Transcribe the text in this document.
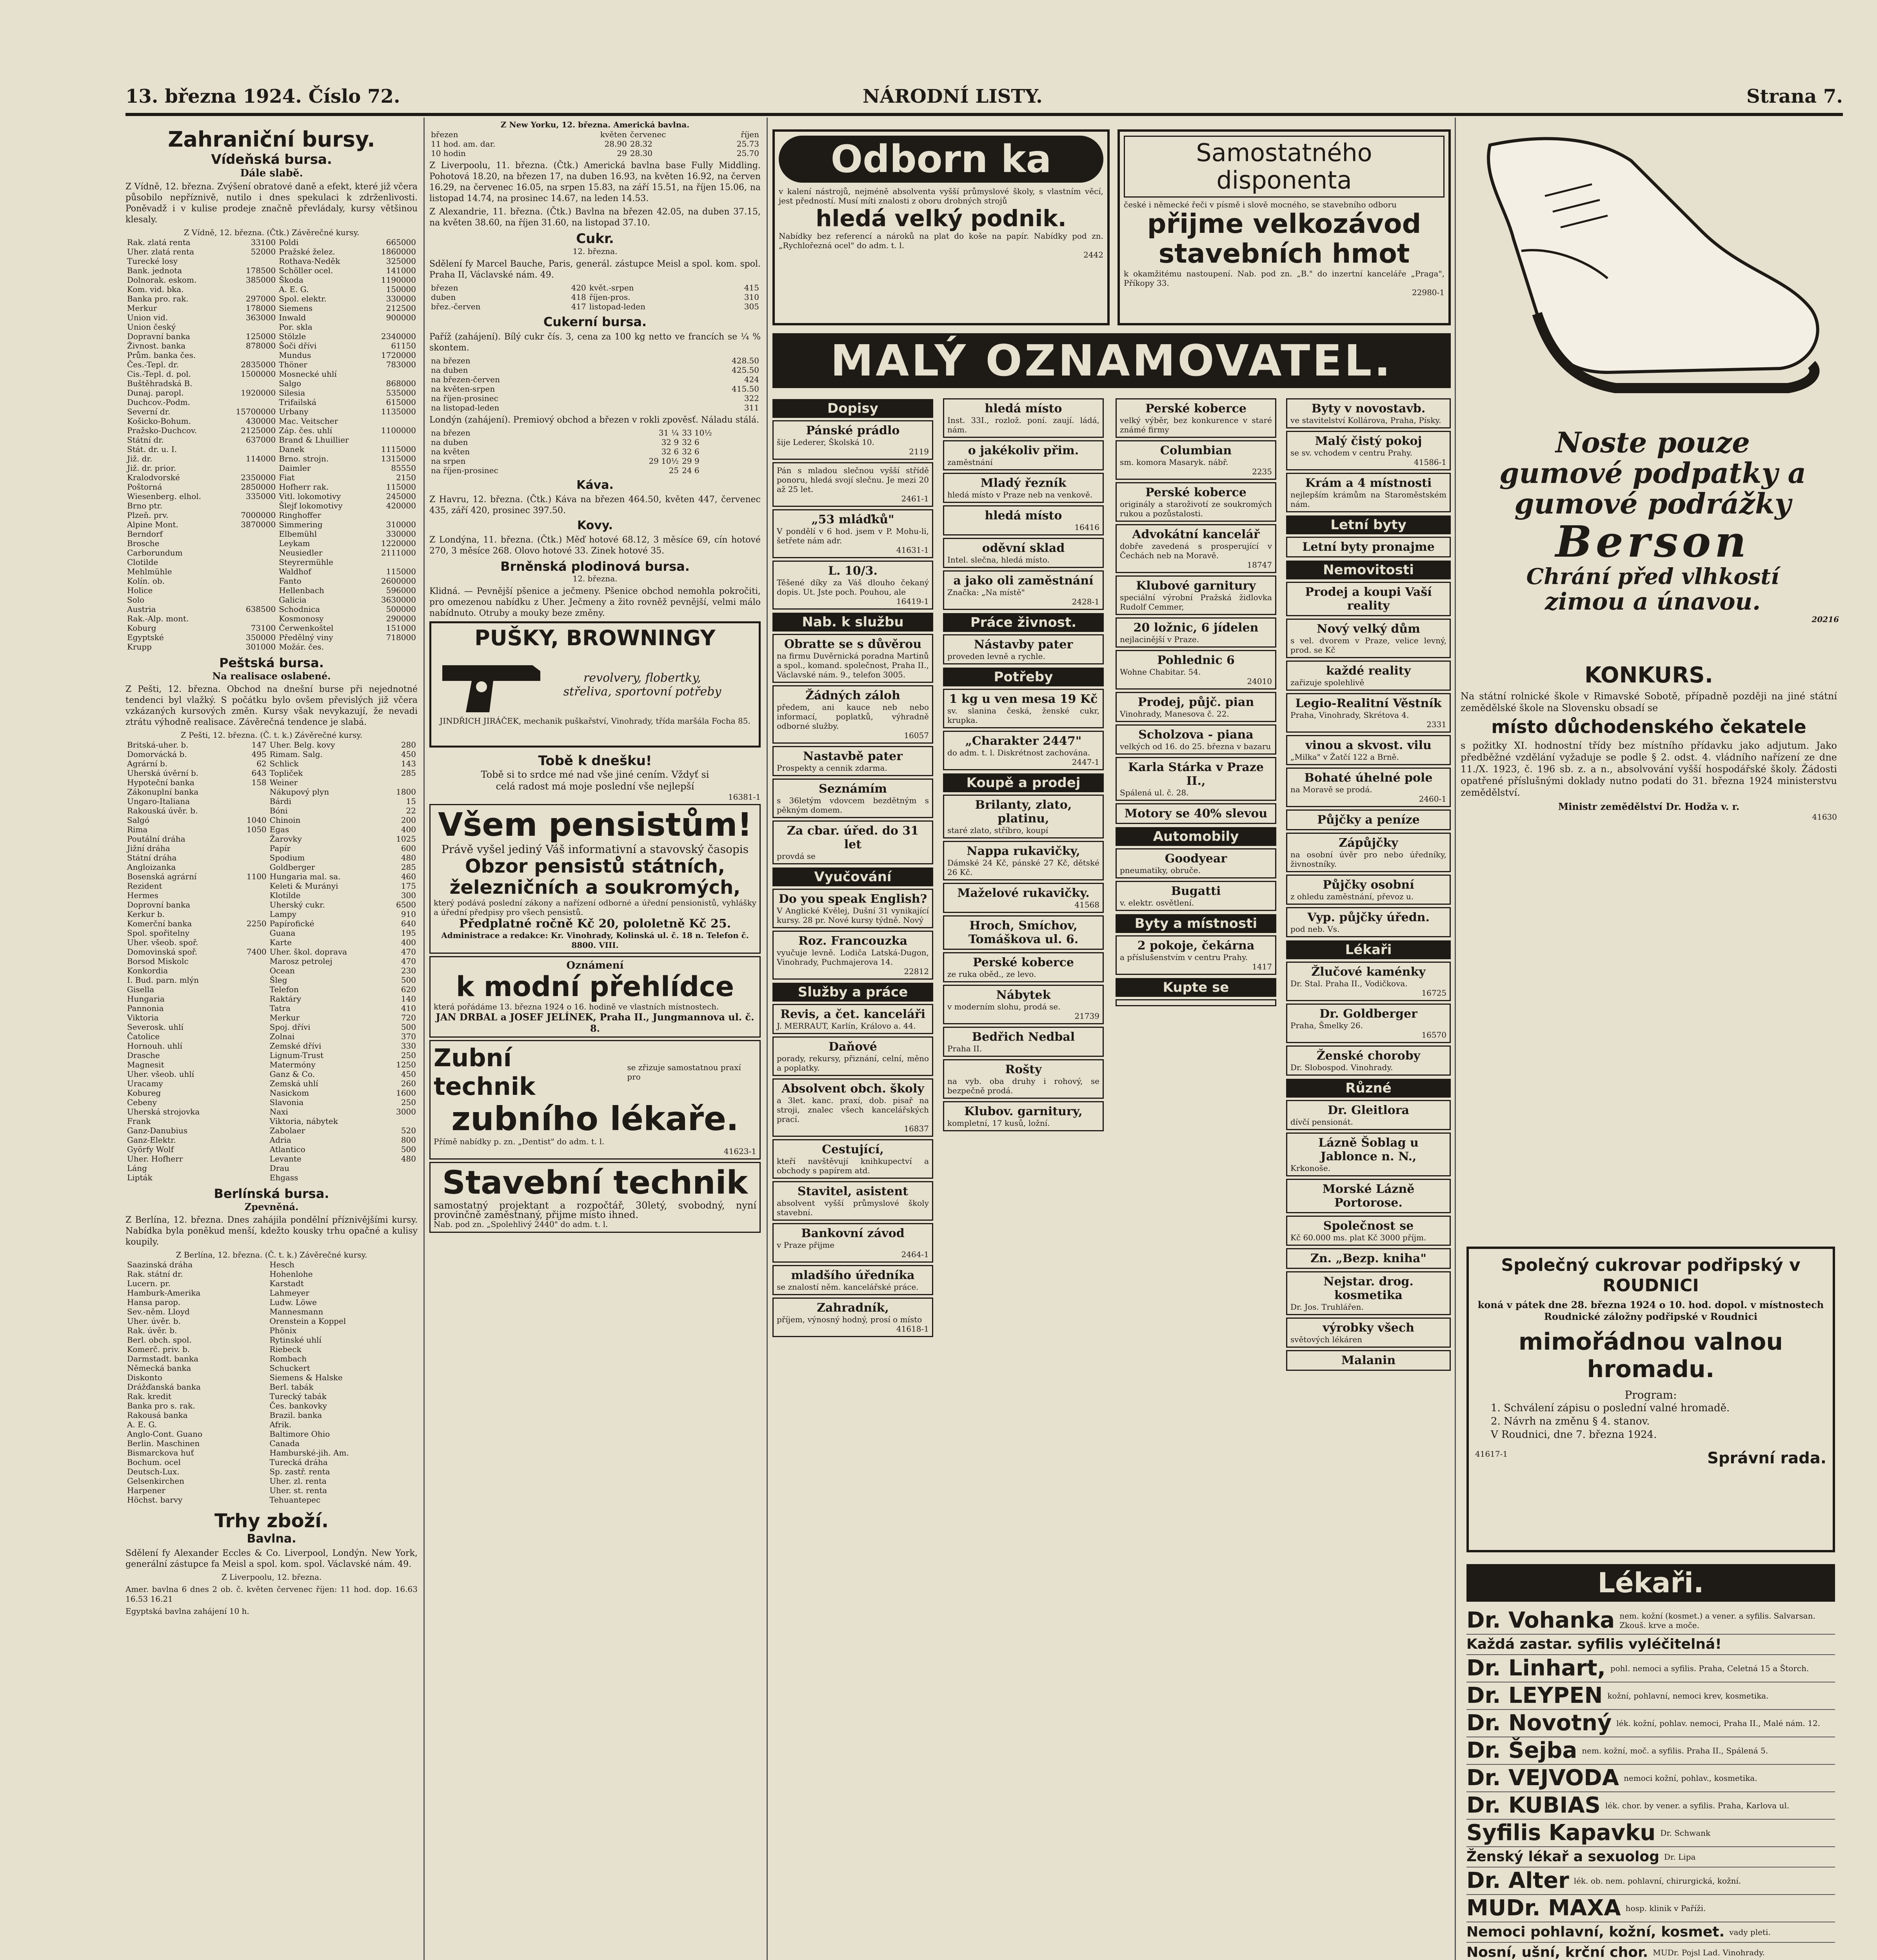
13. března 1924. Číslo 72.	NÁRODNÍ LISTY.	Strana 7.
Zahraniční bursy.
Vídeňská bursa.
Dále slabě.
Z Vídně, 12. března. Zvýšení obratové daně a efekt, které již včera působilo nepříznivě, nutilo i dnes spekulaci k zdrženlivosti. Poněvadž i v kulise prodeje značně převládaly, kursy většinou klesaly.
Z Vídně, 12. března. (Čtk.) Závěrečné kursy.
Rak. zlatá renta	33100	Poldi	665000
Uher. zlatá renta	52000	Pražské želez.	1860000
Turecké losy		Rothava-Neděk	325000
Bank. jednota	178500	Schöller ocel.	141000
Dolnorak. eskom.	385000	Škoda	1190000
Kom. vid. bka.		A. E. G.	150000
Banka pro. rak.	297000	Spol. elektr.	330000
Merkur	178000	Siemens	212500
Union vid.	363000	Inwald	900000
Union český		Por. skla	
Dopravní banka	125000	Stölzle	2340000
Živnost. banka	878000	Šoči dřívi	61150
Prům. banka čes.		Mundus	1720000
Čes.-Tepl. dr.	2835000	Thöner	783000
Cis.-Tepl. d. pol.	1500000	Mosnecké uhlí	
Buštěhradská B.		Salgo	868000
Dunaj. paropl.	1920000	Silesia	535000
Duchcov.-Podm.		Trifailská	615000
Severní dr.	15700000	Urbany	1135000
Košicko-Bohum.	430000	Mac. Veitscher	
Pražsko-Duchcov.	2125000	Záp. čes. uhlí	1100000
Státní dr.	637000	Brand & Lhuillier	
Stát. dr. u. I.		Danek	1115000
Již. dr.	114000	Brno. strojn.	1315000
Již. dr. prior.		Daimler	85550
Kralodvorské	2350000	Fiat	2150
Poštorná	2850000	Hofherr rak.	115000
Wiesenberg. elhol.	335000	Vitl. lokomotivy	245000
Brno ptr.		Šlejf lokomotivy	420000
Plzeň. prv.	7000000	Ringhoffer	
Alpine Mont.	3870000	Simmering	310000
Berndorf		Elbemühl	330000
Brosche		Leykam	1220000
Carborundum		Neusiedler	2111000
Clotilde		Steyrermühle	
Mehlmühle		Waldhof	115000
Kolín. ob.		Fanto	2600000
Holice		Hellenbach	596000
Solo		Galicia	3630000
Austria	638500	Schodnica	500000
Rak.-Alp. mont.		Kosmonosy	290000
Koburg	73100	Čerwenkoštel	151000
Egyptské	350000	Předělný viny	718000
Krupp	301000	Možár. čes.	
Peštská bursa.
Na realisace oslabené.
Z Pešti, 12. března. Obchod na dnešní burse při nejednotné tendenci byl vlažký. S počátku bylo ovšem převislých již včera vzkázaných kursových změn. Kursy však nevykazují, že nevadi ztrátu výhodně realisace. Závěrečná tendence je slabá.
Z Pešti, 12. března. (Č. t. k.) Závěrečné kursy.
Britská-uher. b.	147	Uher. Belg. kovy	280
Domorvácká b.	495	Rimam. Salg.	450
Agrární b.	62	Schlick	143
Uherská úvěrní b.	643	Topliček	285
Hypoteční banka	158	Weiner	
Zákonuplní banka		Nákupový plyn	1800
Ungaro-Italiana		Bárdi	15
Rakouská úvěr. b.		Bóni	22
Salgó	1040	Chinoin	200
Rima	1050	Egas	400
Poutální dráha		Žarovky	1025
Jižní dráha		Papír	600
Státní dráha		Spodium	480
Angloizanka		Goldberger	285
Bosenská agrární	1100	Hungaria mal. sa.	460
Rezident		Keleti & Murányi	175
Hermes		Klotilde	300
Doprovní banka		Uherský cukr.	6500
Kerkur b.		Lampy	910
Komerční banka	2250	Papírofické	640
Spol. spořitelny		Guana	195
Uher. všeob. spoř.		Karte	400
Domovinská spoř.	7400	Uher. škol. doprava	470
Borsod Miskolc		Marosz petrolej	470
Konkordia		Ocean	230
I. Bud. parn. mlýn		Šleg	500
Gisella		Telefon	620
Hungaria		Raktáry	140
Pannonia		Tatra	410
Viktoria		Merkur	720
Severosk. uhlí		Spoj. dřívi	500
Čatolice		Zolnai	370
Hornouh. uhlí		Zemské dřívi	330
Drasche		Lignum-Trust	250
Magnesit		Matermóny	1250
Uher. všeob. uhlí		Ganz & Co.	450
Uracamy		Zemská uhlí	260
Kobureg		Nasickom	1600
Cebeny		Slavonia	250
Uherská strojovka		Naxi	3000
Frank		Viktoria, nábytek	
Ganz-Danubius		Zabolaer	520
Ganz-Elektr.		Adria	800
Györfy Wolf		Atlantico	500
Uher. Hofherr		Levante	480
Láng		Drau	
Lipták		Ehgass	
Berlínská bursa.
Zpevněná.
Z Berlína, 12. března. Dnes zahájila pondělní příznivějšími kursy. Nabídka byla poněkud menší, kdežto kousky trhu opačné a kulisy koupily.
Z Berlína, 12. března. (Č. t. k.) Závěrečné kursy.
Saazinská dráha		Hesch	
Rak. státní dr.		Hohenlohe	
Lucern. pr.		Karstadt	
Hamburk-Amerika		Lahmeyer	
Hansa parop.		Ludw. Löwe	
Sev.-něm. Lloyd		Mannesmann	
Uher. úvěr. b.		Orenstein a Koppel	
Rak. úvěr. b.		Phönix	
Berl. obch. spol.		Rytinské uhlí	
Komerč. priv. b.		Riebeck	
Darmstadt. banka		Rombach	
Německá banka		Schuckert	
Diskonto		Siemens & Halske	
Drážďanská banka		Berl. tabák	
Rak. kredit		Turecký tabák	
Banka pro s. rak.		Čes. bankovky	
Rakousá banka		Brazil. banka	
A. E. G.		Afrik.	
Anglo-Cont. Guano		Baltimore Ohio	
Berlin. Maschinen		Canada	
Bismarckova huť		Hamburské-jih. Am.	
Bochum. ocel		Turecká dráha	
Deutsch-Lux.		Sp. zastř. renta	
Gelsenkirchen		Uher. zl. renta	
Harpener		Uher. st. renta	
Höchst. barvy		Tehuantepec	
Trhy zboží.
Bavlna.
Sdělení fy Alexander Eccles & Co. Liverpool, Londýn. New York, generální zástupce fa Meisl a spol. kom. spol. Václavské nám. 49.
Z Liverpoolu, 12. března.
Amer. bavlna 6 dnes 2 ob. č. květen červenec říjen: 11 hod. dop. 16.63 16.53 16.21
Egyptská bavlna zahájení 10 h.
Z New Yorku, 12. března. Americká bavlna.
březen	květen	červenec	říjen
11 hod. am. dar.	28.90	28.32	25.73
10 hodin	29	28.30	25.70
Z Liverpoolu, 11. března. (Čtk.) Americká bavlna base Fully Middling. Pohotová 18.20, na březen 17, na duben 16.93, na květen 16.92, na červen 16.29, na červenec 16.05, na srpen 15.83, na září 15.51, na říjen 15.06, na listopad 14.74, na prosinec 14.67, na leden 14.53.
Z Alexandrie, 11. března. (Čtk.) Bavlna na březen 42.05, na duben 37.15, na květen 38.60, na říjen 31.60, na listopad 37.10.
Cukr.
12. března.
Sdělení fy Marcel Bauche, Paris, generál. zástupce Meisl a spol. kom. spol. Praha II, Václavské nám. 49.
březen	420	květ.-srpen	415
duben	418	říjen-pros.	310
břez.-červen	417	listopad-leden	305
Cukerní bursa.
Paříž (zahájení). Bílý cukr čís. 3, cena za 100 kg netto ve francích se ¼ % skontem.
na březen	428.50
na duben	425.50
na březen-červen	424
na květen-srpen	415.50
na říjen-prosinec	322
na listopad-leden	311
Londýn (zahájení). Premiový obchod a březen v rokli zpověsť. Náladu stálá.
na březen	31 ¼	33 10½
na duben	32 9	32 6
na květen	32 6	32 6
na srpen	29 10½	29 9
na říjen-prosinec	25	24 6
Káva.
Z Havru, 12. března. (Čtk.) Káva na březen 464.50, květen 447, červenec 435, září 420, prosinec 397.50.
Kovy.
Z Londýna, 11. března. (Čtk.) Měď hotové 68.12, 3 měsíce 69, cín hotové 270, 3 měsíce 268. Olovo hotové 33. Zinek hotové 35.
Brněnská plodinová bursa.
12. března.
Klidná. — Pevnější pšenice a ječmeny. Pšenice obchod nemohla pokročiti, pro omezenou nabídku z Uher. Ječmeny a žito rovněž pevnější, velmi málo nabídnuto. Otruby a mouky beze změny.
PUŠKY, BROWNINGY
revolvery, flobertky, střeliva, sportovní potřeby
JINDŘICH JIRÁČEK, mechanik puškařství, Vinohrady, třída maršála Focha 85.
Tobě k dnešku!
Tobě si to srdce mé nad vše jiné cením. Vždyť si celá radost má moje poslední vše nejlepší
16381-1
Všem pensistům!
Právě vyšel jediný Váš informativní a stavovský časopis
Obzor pensistů státních, železničních a soukromých,
který podává poslední zákony a nařízení odborné a úřední pensionistů, vyhlášky a úřední předpisy pro všech pensistů.
Předplatné ročně Kč 20, pololetně Kč 25.
Administrace a redakce: Kr. Vinohrady, Kolinská ul. č. 18 n. Telefon č. 8800. VIII.
Oznámení
k modní přehlídce
která pořádáme 13. března 1924 o 16. hodině ve vlastních místnostech.
JAN DRBAL a JOSEF JELÍNEK, Praha II., Jungmannova ul. č. 8.
Zubní technik
se zřizuje samostatnou praxí pro
zubního lékaře.
Přímě nabídky p. zn. „Dentist" do adm. t. l.
41623-1
Stavební technik
samostatný projektant a rozpočtář, 30letý, svobodný, nyní provinčně zaměstnaný, přijme místo ihned.
Nab. pod zn. „Spolehlivý 2440" do adm. t. l.
Odborn ka
v kalení nástrojů, nejméně absolventa vyšší průmyslové školy, s vlastním věcí, jest předností. Musí míti znalosti z oboru drobných strojů
hledá velký podnik.
Nabídky bez referencí a nároků na plat do koše na papír. Nabídky pod zn. „Rychlořezná ocel" do adm. t. l.
2442
Samostatného disponenta
české i německé řeči v písmě i slově mocného, se stavebního odboru
přijme velkozávod stavebních hmot
k okamžitému nastoupení. Nab. pod zn. „B." do inzertní kanceláře „Praga", Příkopy 33.
22980-1
MALÝ OZNAMOVATEL.
Dopisy
Pánské prádlo
šije Lederer, Školská 10.
2119
Pán s mladou slečnou vyšší střídě ponoru, hledá svojí slečnu. Je mezi 20 až 25 let.
2461-1
„53 mláďků"
V pondělí v 6 hod. jsem v P. Mohu-li, šetřete nám adr.
41631-1
L. 10/3.
Těšené díky za Váš dlouho čekaný dopis. Ut. Jste poch. Pouhou, ale
16419-1
Nab. k službu
Obratte se s důvěrou
na firmu Duvěrnická poradna Martinů a spol., komand. společnost, Praha II., Václavské nám. 9., telefon 3005.
Žádných záloh
předem, ani kauce neb nebo informací, poplatků, výhradně odborné služby.
16057
Nastavbě pater
Prospekty a cennik zdarma.
Seznámím
s 36letým vdovcem bezdětným s pěkným domem.
Za cbar. úřed. do 31 let
provdá se
Vyučování
Do you speak English?
V Anglické Kvělej, Dušní 31 vynikající kursy. 28 pr. Nové kursy týdně. Nový
Roz. Francouzka
vyučuje levně. Lodiča Latská-Dugon, Vinohrady, Puchmajerova 14.
22812
Služby a práce
Revis, a čet. kanceláři
J. MERRAUT, Karlín, Královo a. 44.
Daňové
porady, rekursy, přiznání, celní, měno a poplatky.
Absolvent obch. školy
a 3let. kanc. praxí, dob. pisař na stroji, znalec všech kancelářských prací.
16837
Cestující,
kteří navštěvují knihkupectví a obchody s papírem atd.
Stavitel, asistent
absolvent vyšší průmyslové školy stavební.
Bankovní závod
v Praze přijme
2464-1
mladšího úředníka
se znalostí něm. kancelářské práce.
Zahradník,
příjem, výnosný hodný, prosí o místo
41618-1
hledá místo
Inst. 33I., rozlož. poní. zaují. ládá, nám.
o jakékoliv přim.
zaměstnání
Mladý řezník
hledá místo v Praze neb na venkově.
hledá místo
16416
oděvní sklad
Intel. slečna, hledá místo.
a jako oli zaměstnání
Značka: „Na místě"
2428-1
Práce živnost.
Nástavby pater
proveden levně a rychle.
Potřeby
1 kg u ven mesa 19 Kč
sv. slanina česká, ženské cukr, krupka.
„Charakter 2447"
do adm. t. l. Diskrétnost zachována.
2447-1
Koupě a prodej
Brilanty, zlato, platinu,
staré zlato, stříbro, koupí
Nappa rukavičky,
Dámské 24 Kč, pánské 27 Kč, dětské 26 Kč.
Maželové rukavičky.
41568
Hroch, Smíchov, Tomáškova ul. 6.
Perské koberce
ze ruka oběd., ze levo.
Nábytek
v moderním slohu, prodá se.
21739
Bedřich Nedbal
Praha II.
Rošty
na vyb. oba druhy i rohový, se bezpečně prodá.
Klubov. garnitury,
kompletní, 17 kusů, ložní.
Perské koberce
velký výběr, bez konkurence v staré známé firmy
Columbian
sm. komora Masaryk. nábř.
2235
Perské koberce
originály a staroživotí ze soukromých rukou a pozůstalosti.
Advokátní kancelář
dobře zavedená s prosperující v Čechách neb na Moravě.
18747
Klubové garnitury
speciální výrobní Pražská židlovka Rudolf Cemmer,
20 ložnic, 6 jídelen
nejlacinější v Praze.
Pohlednic 6
Wohne Chabitar. 54.
24010
Prodej, půjč. pian
Vinohrady, Manesova č. 22.
Scholzova - piana
velkých od 16. do 25. března v bazaru
Karla Stárka v Praze II.,
Spálená ul. č. 28.
Motory se 40% slevou
Automobily
Goodyear
pneumatiky, obruče.
Bugatti
v. elektr. osvětlení.
Byty a místnosti
2 pokoje, čekárna
a příslušenstvím v centru Prahy.
1417
Kupte se
Byty v novostavb.
ve stavitelství Kollárova, Praha, Písky.
Malý čistý pokoj
se sv. vchodem v centru Prahy.
41586-1
Krám a 4 místnosti
nejlepším krámům na Staroměstském nám.
Letní byty
Letní byty pronajme
Nemovitosti
Prodej a koupi Vaší reality
Nový velký dům
s vel. dvorem v Praze, velice levný, prod. se Kč
každé reality
zařizuje spolehlivě
Legio-Realitní Věstník
Praha, Vinohrady, Skrétova 4.
2331
vinou a skvost. vilu
„Milka" v Žatčí 122 a Brně.
Bohaté úhelné pole
na Moravě se prodá.
2460-1
Půjčky a peníze
Zápůjčky
na osobní úvěr pro nebo úředníky, živnostníky.
Půjčky osobní
z ohledu zaměstnání, převoz u.
Vyp. půjčky úředn.
pod neb. Vs.
Lékaři
Žlučové kaménky
Dr. Stal. Praha II., Vodičkova.
16725
Dr. Goldberger
Praha, Šmelky 26.
16570
Ženské choroby
Dr. Slobospod. Vinohrady.
Různé
Dr. Gleitlora
dívčí pensionát.
Lázně Šoblag u Jablonce n. N.,
Krkonoše.
Morské Lázně Portorose.
Společnost se
Kč 60.000 ms. plat Kč 3000 příjm.
Zn. „Bezp. kniha"
Nejstar. drog. kosmetika
Dr. Jos. Truhlářen.
výrobky všech
světových lékáren
Malanin
Noste pouze
gumové podpatky a
gumové podrážky
Berson
Chrání před vlhkostí
zimou a únavou.
20216
KONKURS.
Na státní rolnické škole v Rimavské Sobotě, případně později na jiné státní zemědělské škole na Slovensku obsadí se
místo důchodenského čekatele
s požitky XI. hodnostní třídy bez místního přídavku jako adjutum. Jako předběžné vzdělání vyžaduje se podle § 2. odst. 4. vládního nařízení ze dne 11./X. 1923, č. 196 sb. z. a n., absolvování vyšší hospodářské školy. Žádosti opatřené příslušnými doklady nutno podati do 31. března 1924 ministerstvu zemědělství.
Ministr zemědělství Dr. Hodža v. r.
41630
Společný cukrovar podřipský v ROUDNICI
koná v pátek dne 28. března 1924 o 10. hod. dopol. v místnostech Roudnické záložny podřipské v Roudnici
mimořádnou valnou hromadu.
Program:
1. Schválení zápisu o poslední valné hromadě.
2. Návrh na změnu § 4. stanov.
V Roudnici, dne 7. března 1924.
41617-1	Správní rada.
Lékaři.
Dr. Vohanka nem. kožní (kosmet.) a vener. a syfilis. Salvarsan. Zkouš. krve a moče.
Každá zastar. syfilis vyléčitelná!
Dr. Linhart, pohl. nemoci a syfilis. Praha, Celetná 15 a Štorch.
Dr. LEYPEN kožní, pohlavní, nemoci krev, kosmetika.
Dr. Novotný lék. kožní, pohlav. nemoci, Praha II., Malé nám. 12.
Dr. Šejba nem. kožní, moč. a syfilis. Praha II., Spálená 5.
Dr. VEJVODA nemoci kožní, pohlav., kosmetika.
Dr. KUBIAS lék. chor. by vener. a syfilis. Praha, Karlova ul.
Syfilis Kapavku Dr. Schwank
Ženský lékař a sexuolog Dr. Lipa
Dr. Alter lék. ob. nem. pohlavní, chirurgická, kožní.
MUDr. MAXA hosp. klinik v Paříži.
Nemoci pohlavní, kožní, kosmet. vady pleti.
Nosní, ušní, krční chor. MUDr. Pojsl Lad. Vinohrady.
